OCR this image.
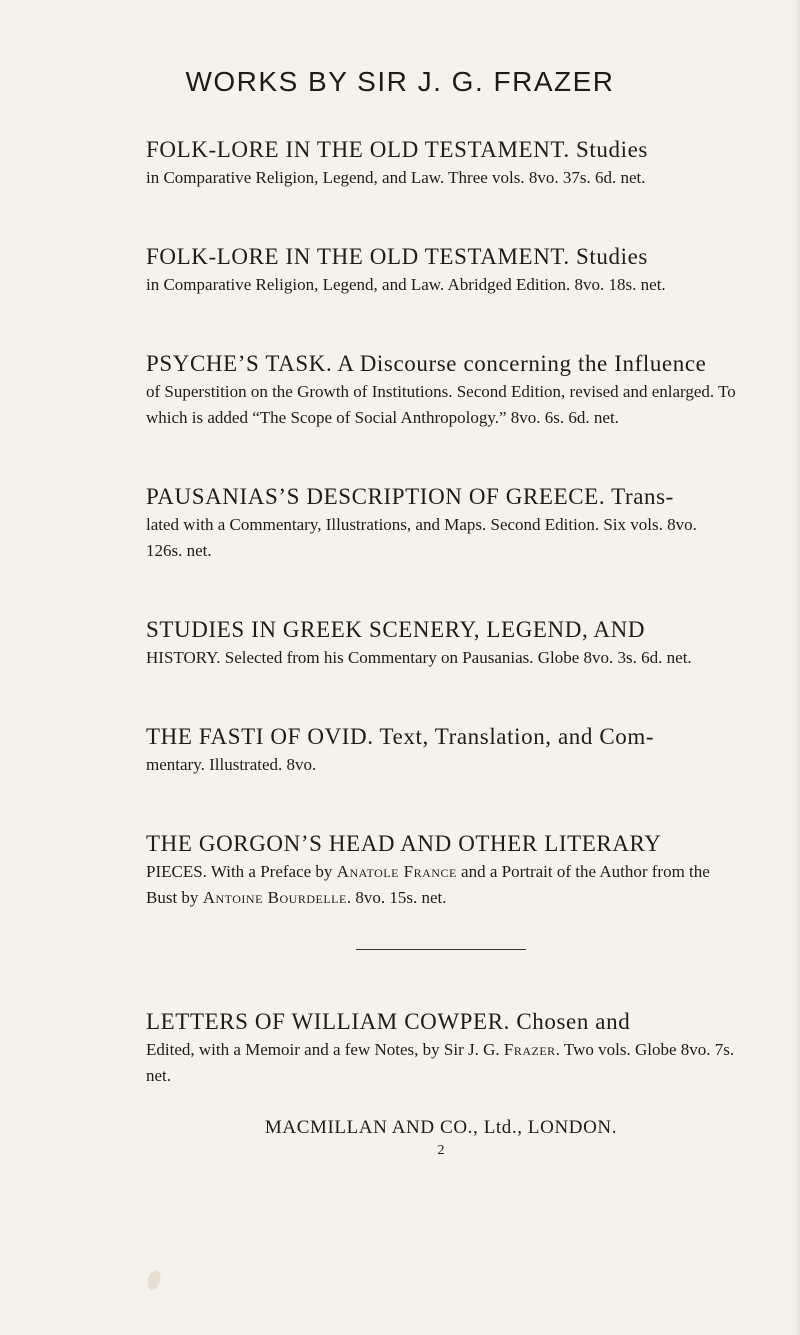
WORKS BY SIR J. G. FRAZER

FOLK-LORE IN THE OLD TESTAMENT. Studies

in Comparative Religion, Legend, and Law. Three vols. 8vo. 37s. 6d. net.

FOLK-LORE IN THE OLD TESTAMENT. Studies

in Comparative Religion, Legend, and Law. Abridged Edition. 8vo. 18s. net.

PSYCHE’S TASK. A Discourse concerning the Influence

of Superstition on the Growth of Institutions. Second Edition, revised and enlarged. To which is added “The Scope of Social Anthropology.” 8vo. 6s. 6d. net.

PAUSANIAS’S DESCRIPTION OF GREECE. Trans-

lated with a Commentary, Illustrations, and Maps. Second Edition. Six vols. 8vo. 126s. net.

STUDIES IN GREEK SCENERY, LEGEND, AND

HISTORY. Selected from his Commentary on Pausanias. Globe 8vo. 3s. 6d. net.

THE FASTI OF OVID. Text, Translation, and Com-

mentary. Illustrated. 8vo.

THE GORGON’S HEAD AND OTHER LITERARY

PIECES. With a Preface by Anatole France and a Portrait of the Author from the Bust by Antoine Bourdelle. 8vo. 15s. net.

LETTERS OF WILLIAM COWPER. Chosen and

Edited, with a Memoir and a few Notes, by Sir J. G. Frazer. Two vols. Globe 8vo. 7s. net.

MACMILLAN AND CO., Ltd., LONDON.
2
